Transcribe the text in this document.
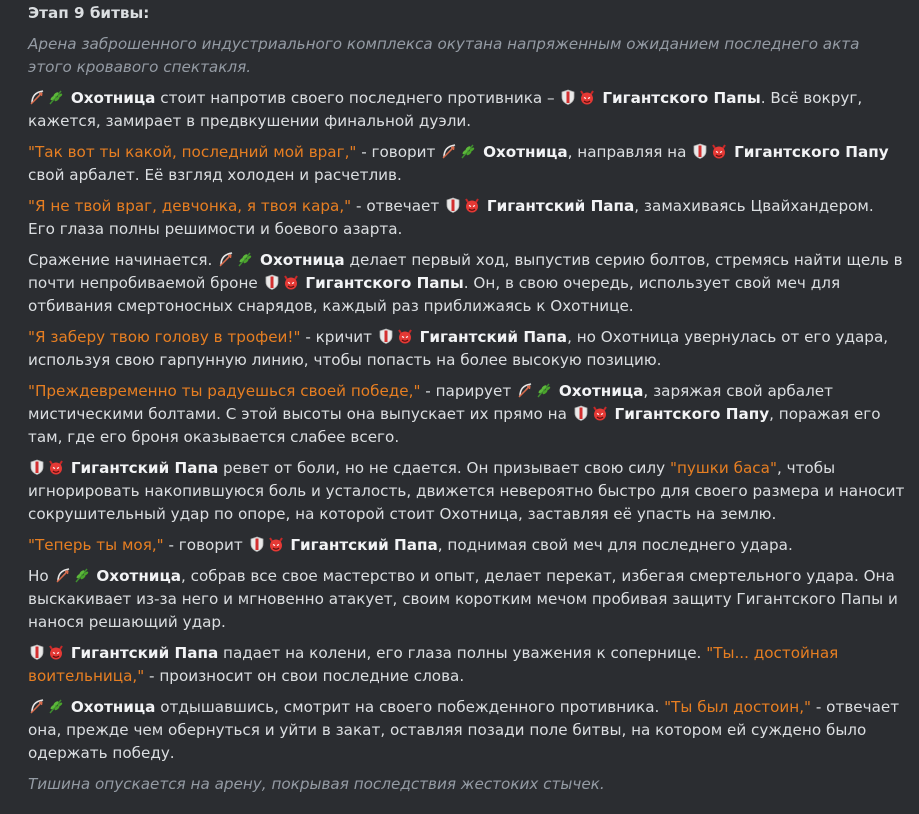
Этап 9 битвы:
Арена заброшенного индустриального комплекса окутана напряженным ожиданием последнего акта этого кровавого спектакля.
Охотница стоит напротив своего последнего противника –	Гигантского Папы. Всё вокруг, кажется, замирает в предвкушении финальной дуэли.
"Так вот ты какой, последний мой враг," - говорит	Охотница, направляя на	Гигантского Папу свой арбалет. Её взгляд холоден и расчетлив.
"Я не твой враг, девчонка, я твоя кара," - отвечает	Гигантский Папа, замахиваясь Цвайхандером. Его глаза полны решимости и боевого азарта.
Сражение начинается.	Охотница делает первый ход, выпустив серию болтов, стремясь найти щель в почти непробиваемой броне	Гигантского Папы. Он, в свою очередь, использует свой меч для отбивания смертоносных снарядов, каждый раз приближаясь к Охотнице.
"Я заберу твою голову в трофеи!" - кричит	Гигантский Папа, но Охотница увернулась от его удара, используя свою гарпунную линию, чтобы попасть на более высокую позицию.
"Преждевременно ты радуешься своей победе," - парирует	Охотница, заряжая свой арбалет мистическими болтами. С этой высоты она выпускает их прямо на	Гигантского Папу, поражая его там, где его броня оказывается слабее всего.
Гигантский Папа ревет от боли, но не сдается. Он призывает свою силу "пушки баса", чтобы игнорировать накопившуюся боль и усталость, движется невероятно быстро для своего размера и наносит сокрушительный удар по опоре, на которой стоит Охотница, заставляя её упасть на землю.
"Теперь ты моя," - говорит	Гигантский Папа, поднимая свой меч для последнего удара.
Но	Охотница, собрав все свое мастерство и опыт, делает перекат, избегая смертельного удара. Она выскакивает из-за него и мгновенно атакует, своим коротким мечом пробивая защиту Гигантского Папы и нанося решающий удар.
Гигантский Папа падает на колени, его глаза полны уважения к сопернице. "Ты... достойная воительница," - произносит он свои последние слова.
Охотница отдышавшись, смотрит на своего побежденного противника. "Ты был достоин," - отвечает она, прежде чем обернуться и уйти в закат, оставляя позади поле битвы, на котором ей суждено было одержать победу.
Тишина опускается на арену, покрывая последствия жестоких стычек.
